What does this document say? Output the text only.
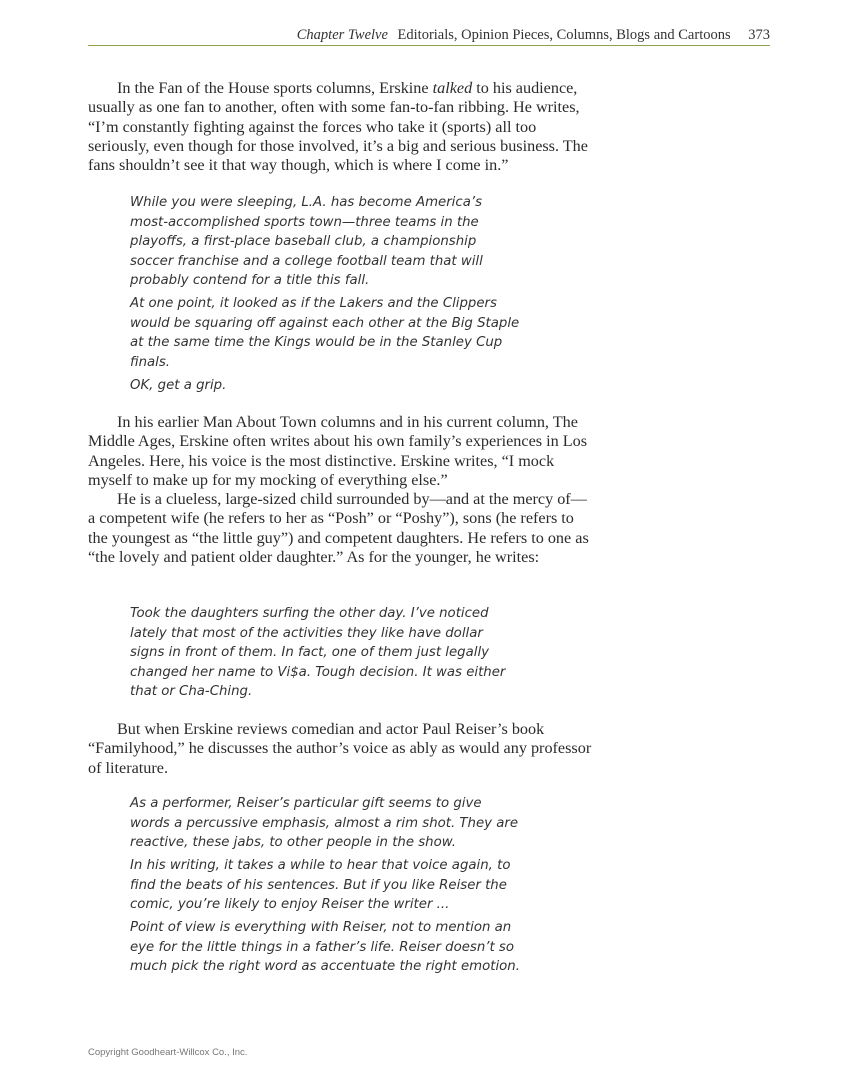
Chapter Twelve Editorials, Opinion Pieces, Columns, Blogs and Cartoons 373

In the Fan of the House sports columns, Erskine talked to his audience, usually as one fan to another, often with some fan-to-fan ribbing. He writes, “I’m constantly fighting against the forces who take it (sports) all too seriously, even though for those involved, it’s a big and serious business. The fans shouldn’t see it that way though, which is where I come in.”

While you were sleeping, L.A. has become America’s most-accomplished sports town—three teams in the playoffs, a first-place baseball club, a championship soccer franchise and a college football team that will probably contend for a title this fall.

At one point, it looked as if the Lakers and the Clippers would be squaring off against each other at the Big Staple at the same time the Kings would be in the Stanley Cup finals.

OK, get a grip.

In his earlier Man About Town columns and in his current column, The Middle Ages, Erskine often writes about his own family’s experiences in Los Angeles. Here, his voice is the most distinctive. Erskine writes, “I mock myself to make up for my mocking of everything else.”

He is a clueless, large-sized child surrounded by—and at the mercy of—a competent wife (he refers to her as “Posh” or “Poshy”), sons (he refers to the youngest as “the little guy”) and competent daughters. He refers to one as “the lovely and patient older daughter.” As for the younger, he writes:

Took the daughters surfing the other day. I’ve noticed lately that most of the activities they like have dollar signs in front of them. In fact, one of them just legally changed her name to Vi$a. Tough decision. It was either that or Cha-Ching.

But when Erskine reviews comedian and actor Paul Reiser’s book “Familyhood,” he discusses the author’s voice as ably as would any professor of literature.

As a performer, Reiser’s particular gift seems to give words a percussive emphasis, almost a rim shot. They are reactive, these jabs, to other people in the show.

In his writing, it takes a while to hear that voice again, to find the beats of his sentences. But if you like Reiser the comic, you’re likely to enjoy Reiser the writer ...

Point of view is everything with Reiser, not to mention an eye for the little things in a father’s life. Reiser doesn’t so much pick the right word as accentuate the right emotion.

Copyright Goodheart-Willcox Co., Inc.
